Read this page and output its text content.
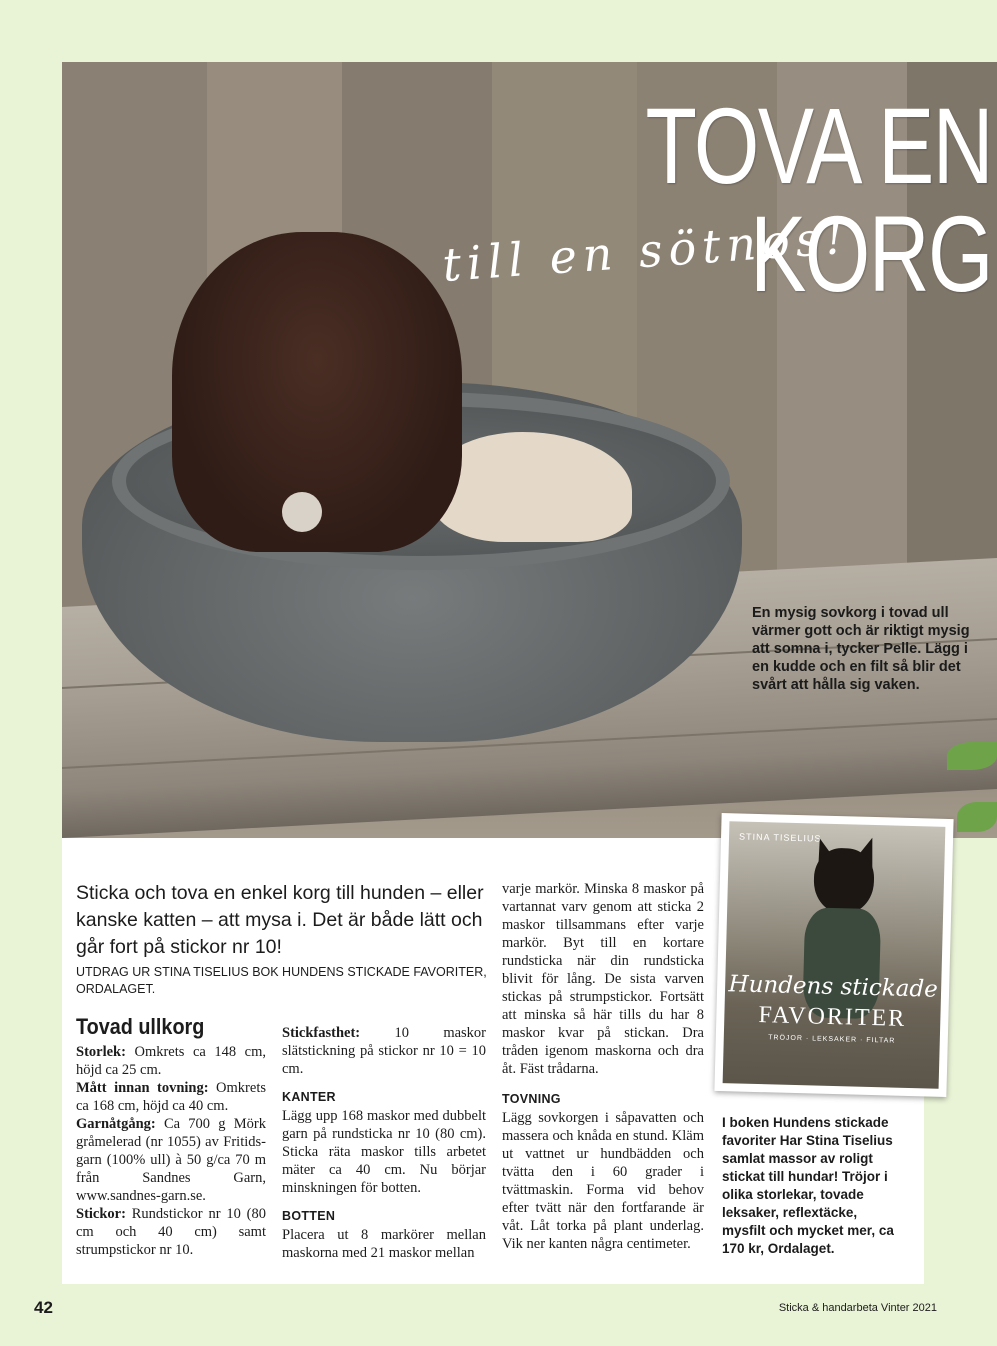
TOVA EN KORG
till en sötnos!
En mysig sovkorg i tovad ull värmer gott och är riktigt mysig att somna i, tycker Pelle. Lägg i en kudde och en filt så blir det svårt att hålla sig vaken.
Sticka och tova en enkel korg till hunden – eller kanske katten – att mysa i. Det är både lätt och går fort på stickor nr 10!
UTDRAG UR STINA TISELIUS BOK HUNDENS STICKADE FAVORITER, ORDALAGET.
Tovad ullkorg

Storlek: Omkrets ca 148 cm, höjd ca 25 cm.

Mått innan tovning: Omkrets ca 168 cm, höjd ca 40 cm.

Garnåtgång: Ca 700 g Mörk gråmelerad (nr 1055) av Fritids-garn (100% ull) à 50 g/ca 70 m från Sandnes Garn, www.sandnes-garn.se.

Stickor: Rundstickor nr 10 (80 cm och 40 cm) samt strumpstickor nr 10.

Stickfasthet: 10 maskor slätstickning på stickor nr 10 = 10 cm.

KANTER

Lägg upp 168 maskor med dubbelt garn på rundsticka nr 10 (80 cm). Sticka räta maskor tills arbetet mäter ca 40 cm. Nu börjar minskningen för botten.

BOTTEN

Placera ut 8 markörer mellan maskorna med 21 maskor mellan

varje markör. Minska 8 maskor på vartannat varv genom att sticka 2 maskor tillsammans efter varje markör. Byt till en kortare rundsticka när din rundsticka blivit för lång. De sista varven stickas på strumpstickor. Fortsätt att minska så här tills du har 8 maskor kvar på stickan. Dra tråden igenom maskorna och dra åt. Fäst trådarna.

TOVNING

Lägg sovkorgen i såpavatten och massera och knåda en stund. Kläm ut vattnet ur hundbädden och tvätta den i 60 grader i tvättmaskin. Forma vid behov efter tvätt när den fortfarande är våt. Låt torka på plant underlag. Vik ner kanten några centimeter.

STINA TISELIUS
Hundens stickade
FAVORITER
TRÖJOR · LEKSAKER · FILTAR
I boken Hundens stickade favoriter Har Stina Tiselius samlat massor av roligt stickat till hundar! Tröjor i olika storlekar, tovade leksaker, reflextäcke, mysfilt och mycket mer, ca 170 kr, Ordalaget.
42	Sticka & handarbeta Vinter 2021
